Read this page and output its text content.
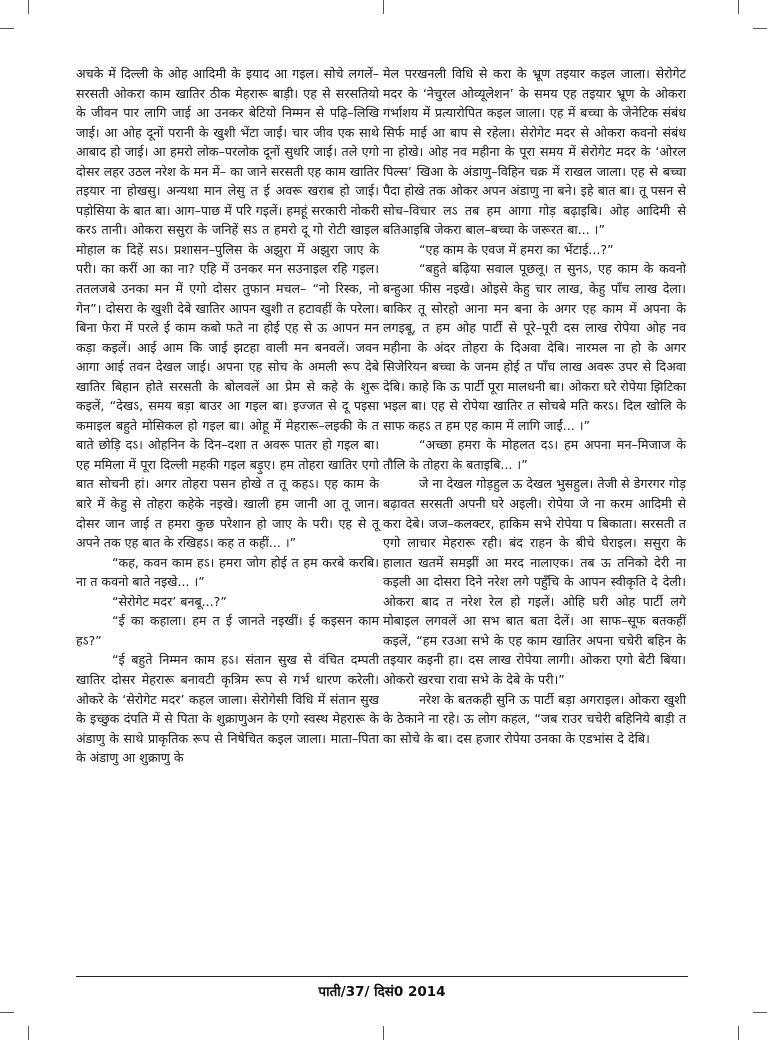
अचके में दिल्ली के ओह आदिमी के इयाद आ गइल। सोचे लगलें– सरसती ओकरा काम खातिर ठीक मेहरारू बाड़ी। एह से सरसतियो के जीवन पार लागि जाई आ उनकर बेटियो निम्मन से पढ़ि–लिखि जाई। आ ओह दूनों परानी के खुशी भेंटा जाई। चार जीव एक साथे आबाद हो जाई। आ हमरो लोक–परलोक दूनों सुधरि जाई। तले एगो दोसर लहर उठल नरेश के मन में– का जाने सरसती एह काम खातिर तइयार ना होखसु। अन्यथा मान लेसु त ई अवरू खराब हो जाई। पड़ोसिया के बात बा। आग–पाछ में परि गइलें। हमहूं सरकारी नोकरी करऽ तानी। ओकरा ससुरा के जनिहें सऽ त हमरो दू गो रोटी खाइल मोहाल क दिहें सऽ। प्रशासन–पुलिस के अझुरा में अझुरा जाए के परी। का करीं आ का ना? एहि में उनकर मन सउनाइल रहि गइल। ततलजबे उनका मन में एगो दोसर तुफान मचल– “नो रिस्क, नो गेन”। दोसरा के खुशी देबे खातिर आपन खुशी त हटावहीं के परेला। बिना फेरा में परले ई काम कबो फते ना होई एह से ऊ आपन मन कड़ा कइलें। आई आम कि जाई झटहा वाली मन बनवलें। जवन आगा आई तवन देखल जाई। अपना एह सोच के अमली रूप देबे खातिर बिहान होते सरसती के बोलवलें आ प्रेम से कहे के शुरू कइलें, “देखऽ, समय बड़ा बाउर आ गइल बा। इज्जत से दू पइसा कमाइल बहुते मोसिकल हो गइल बा। ओहू में मेहरारू–लइकी के त बाते छोड़ि दऽ। ओहनिन के दिन–दशा त अवरू पातर हो गइल बा। एह ममिला में पूरा दिल्ली महकी गइल बड़ुए। हम तोहरा खातिर एगो बात सोचनी हां। अगर तोहरा पसन होखे त तू कहऽ। एह काम के बारे में केहु से तोहरा कहेके नइखे। खाली हम जानी आ तू जान। दोसर जान जाई त हमरा कुछ परेशान हो जाए के परी। एह से तू अपने तक एह बात के रखिहऽ। कह त कहीं... ।”

“कह, कवन काम हऽ। हमरा जोग होई त हम करबे करबि। ना त कवनो बाते नइखे... ।”

“सेरोगेट मदर’ बनबू...?”

“ई का कहाला। हम त ई जानते नइखीं। ई कइसन काम हऽ?”

“ई बहुते निम्मन काम हऽ। संतान सुख से वंचित दम्पती खातिर दोसर मेहरारू बनावटी कृत्रिम रूप से गर्भ धारण करेली। ओकरे के ‘सेरोगेट मदर’ कहल जाला। सेरोगेसी विधि में संतान सुख के इच्छुक दंपति में से पिता के शुक्राणुअन के एगो स्वस्थ मेहरारू के अंडाणु के साथे प्राकृतिक रूप से निषेचित कइल जाला। माता–पिता के अंडाणु आ शुक्राणु के

मेल परखनली विधि से करा के भ्रूण तइयार कइल जाला। सेरोगेट मदर के ‘नेचुरल ओव्यूलेशन’ के समय एह तइयार भ्रूण के ओकरा गर्भाशय में प्रत्यारोपित कइल जाला। एह में बच्चा के जेनेटिक संबंध सिर्फ माई आ बाप से रहेला। सेरोगेट मदर से ओकरा कवनो संबंध ना होखे। ओह नव महीना के पूरा समय में सेरोगेट मदर के ‘ओरल पिल्स’ खिआ के अंडाणु–विहिन चक्र में राखल जाला। एह से बच्चा पैदा होखे तक ओकर अपन अंडाणु ना बने। इहे बात बा। तू पसन से सोच–विचार लऽ तब हम आगा गोड़ बढ़ाइबि। ओह आदिमी से बतिआइबि जेकरा बाल–बच्चा के जरूरत बा... ।”

“एह काम के एवज में हमरा का भेंटाई...?”

“बहुते बढ़िया सवाल पूछलू। त सुनऽ, एह काम के कवनो बन्हुआ फीस नइखे। ओइसे केहु चार लाख, केहु पाँच लाख देला। बाकिर तू सोरहो आना मन बना के अगर एह काम में अपना के लगइबू, त हम ओह पार्टी से पूरे–पूरी दस लाख रोपेया ओह नव महीना के अंदर तोहरा के दिअवा देबि। नारमल ना हो के अगर सिजेरियन बच्चा के जनम होई त पाँच लाख अवरू उपर से दिअवा देबि। काहे कि ऊ पार्टी पूरा मालधनी बा। ओकरा घरे रोपेया झिटिका भइल बा। एह से रोपेया खातिर त सोचबे मति करऽ। दिल खोलि के साफ कहऽ त हम एह काम में लागि जाईं... ।”

“अच्छा हमरा के मोहलत दऽ। हम अपना मन–मिजाज के तौलि के तोहरा के बताइबि... ।”

जे ना देखल गोड़हुल ऊ देखल भुसहुल। तेजी से डेगरगर गोड़ बढ़ावत सरसती अपनी घरे अइली। रोपेया जे ना करम आदिमी से करा देबे। जज–कलक्टर, हाकिम सभे रोपेया प बिकाता। सरसती त एगो लाचार मेहरारू रही। बंद राहन के बीचे घेराइल। ससुरा के हालात खतमें समझीं आ मरद नालाएक। तब ऊ तनिको देरी ना कइली आ दोसरा दिने नरेश लगे पहुँचि के आपन स्वीकृति दे देली। ओकरा बाद त नरेश रेल हो गइलें। ओहि घरी ओह पार्टी लगे मोबाइल लगवलें आ सभ बात बता देलें। आ साफ–सूफ बतकहीं कइलें, “हम रउआ सभे के एह काम खातिर अपना चचेरी बहिन के तइयार कइनी हा। दस लाख रोपेया लागी। ओकरा एगो बेटी बिया। ओकरो खरचा रावा सभे के देबे के परी।”

नरेश के बतकही सुनि ऊ पार्टी बड़ा अगराइल। ओकरा खुशी के ठेकाने ना रहे। ऊ लोग कहल, “जब राउर चचेरी बहिनिये बाड़ी त का सोचे के बा। दस हजार रोपेया उनका के एडभांस दे देबि।

पाती/37/ दिसं0 2014
